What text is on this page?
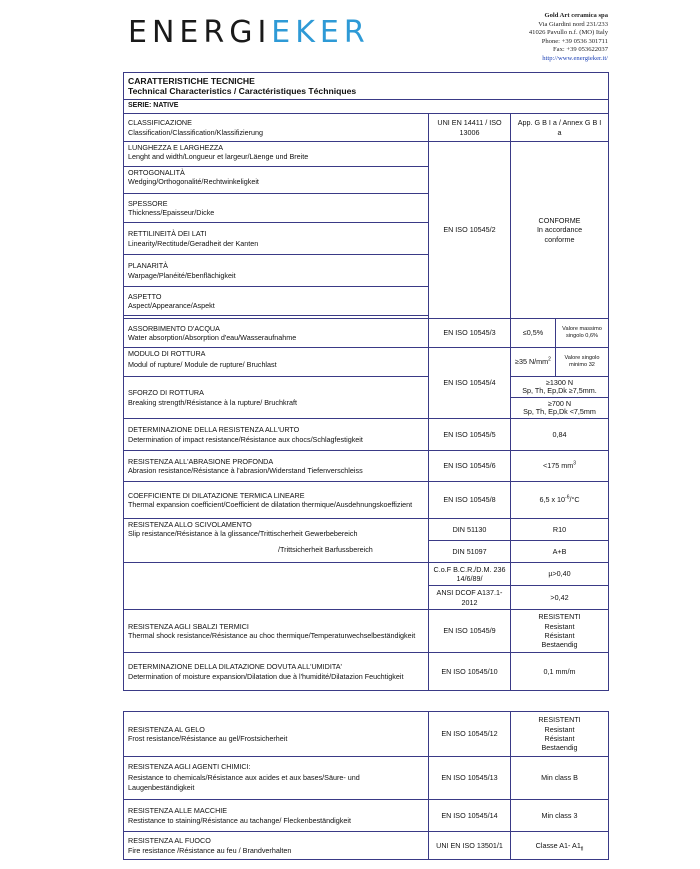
ENERGIEKER	Gold Art ceramica spa
Via Giardini nord 231/233
41026 Pavullo n.f. (MO) Italy
Phone: +39 0536 301711
Fax: +39 053622037
http://www.energieker.it/
CARATTERISTICHE TECNICHE
Technical Characteristics / Caractéristiques Téchniques			

SERIE: NATIVE			

CLASSIFICAZIONE
Classification/Classification/Klassifizierung	UNI EN 14411 / ISO 13006	App. G B I a / Annex G B I a	

LUNGHEZZA E LARGHEZZA
Lenght and width/Longueur et largeur/Läenge und Breite	EN ISO 10545/2	CONFORME
In accordance
conforme	

ORTOGONALITÀ
Wedging/Orthogonalité/Rechtwinkeligkeit			

SPESSORE
Thickness/Epaisseur/Dicke			

RETTILINEITÀ DEI LATI
Linearity/Rectitude/Geradheit der Kanten			

PLANARITÀ
Warpage/Planéité/Ebenflächigkeit			

ASPETTO
Aspect/Appearance/Aspekt			

ASSORBIMENTO D'ACQUA
Water absorption/Absorption d'eau/Wasseraufnahme	EN ISO 10545/3	≤0,5%	Valore massimo singolo 0,6%

MODULO DI ROTTURA
Modul of rupture/ Module de rupture/ Bruchlast	EN ISO 10545/4	≥35 $N/mm^2$	Valore singolo minimo 32

SFORZO DI ROTTURA
Breaking strength/Résistance à la rupture/ Bruchkraft		≥1300 N
Sp, Th, Ep,Dk ≥7,5mm.	

		≥700 N
Sp, Th, Ep,Dk <7,5mm	

DETERMINAZIONE DELLA RESISTENZA ALL'URTO
Determination of impact resistance/Résistance aux chocs/Schlagfestigkeit	EN ISO 10545/5	0,84	

RESISTENZA ALL'ABRASIONE PROFONDA
Abrasion resistance/Résistance à l'abrasion/Widerstand Tiefenverschleiss	EN ISO 10545/6	<175 $mm^3$

COEFFICIENTE DI DILATAZIONE TERMICA LINEARE
Thermal expansion coefficient/Coefficient de dilatation thermique/Ausdehnungskoeffizient	EN ISO 10545/8	6,5 x $10^{-6}/^\circ C$	

RESISTENZA ALLO SCIVOLAMENTO
Slip resistance/Résistance à la glissance/Trittischerheit Gewerbebereich
/Trittsicherheit Barfussbereich	DIN 51130	R10	
	DIN 51097	A+B	
	C.o.F B.C.R./D.M. 236 14/6/89/	µ>0,40	
	ANSI DCOF A137.1-2012	>0,42	

RESISTENZA AGLI SBALZI TERMICI
Thermal shock resistance/Résistance au choc thermique/Temperaturwechselbeständigkeit	EN ISO 10545/9	RESISTENTI
Resistant
Résistant
Bestaendig	

DETERMINAZIONE DELLA DILATAZIONE DOVUTA ALL'UMIDITA'
Determination of moisture expansion/Dilatation due à l'humidité/Dilatazion Feuchtigkeit	EN ISO 10545/10	0,1 mm/m	
RESISTENZA AL GELO
Frost resistance/Résistance au gel/Frostsicherheit	EN ISO 10545/12	RESISTENTI
Resistant
Résistant
Bestaendig

RESISTENZA AGLI AGENTI CHIMICI:
Resistance to chemicals/Résistance aux acides et aux bases/Säure- und Laugenbeständigkeit	EN ISO 10545/13	Min class B

RESISTENZA ALLE MACCHIE
Restistance to staining/Résistance au tachange/ Fleckenbeständigkeit	EN ISO 10545/14	Min class 3

RESISTENZA AL FUOCO
Fire resistance /Résistance au feu / Brandverhalten	UNI EN ISO 13501/1	Classe A1- $A1_{fl}$
